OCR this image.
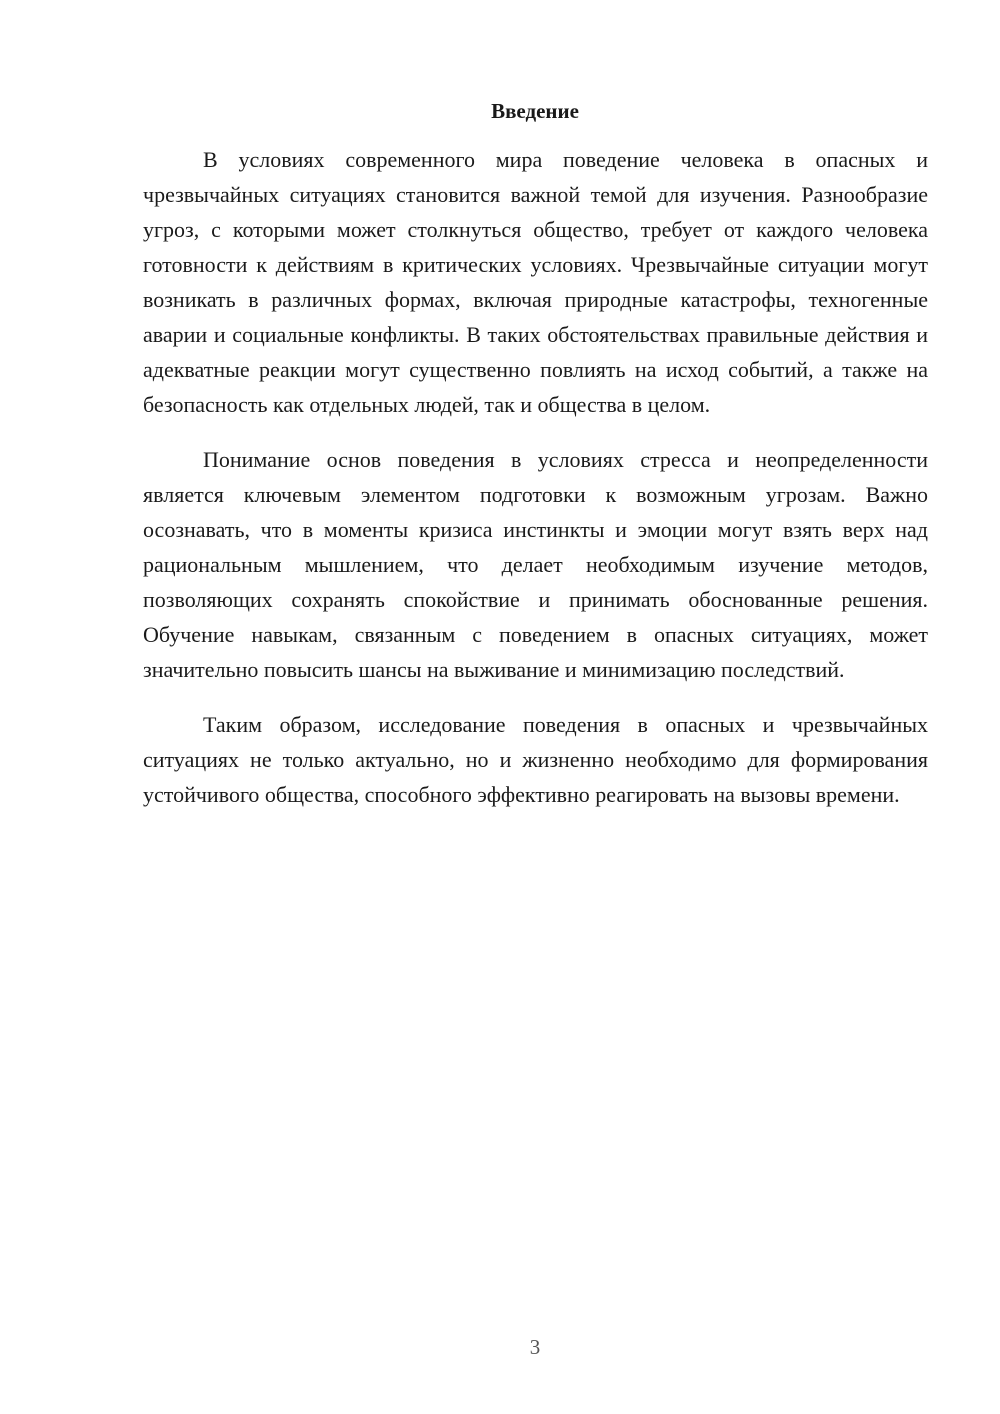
Введение

В условиях современного мира поведение человека в опасных и чрезвычайных ситуациях становится важной темой для изучения. Разнообразие угроз, с которыми может столкнуться общество, требует от каждого человека готовности к действиям в критических условиях. Чрезвычайные ситуации могут возникать в различных формах, включая природные катастрофы, техногенные аварии и социальные конфликты. В таких обстоятельствах правильные действия и адекватные реакции могут существенно повлиять на исход событий, а также на безопасность как отдельных людей, так и общества в целом.

Понимание основ поведения в условиях стресса и неопределенности является ключевым элементом подготовки к возможным угрозам. Важно осознавать, что в моменты кризиса инстинкты и эмоции могут взять верх над рациональным мышлением, что делает необходимым изучение методов, позволяющих сохранять спокойствие и принимать обоснованные решения. Обучение навыкам, связанным с поведением в опасных ситуациях, может значительно повысить шансы на выживание и минимизацию последствий.

Таким образом, исследование поведения в опасных и чрезвычайных ситуациях не только актуально, но и жизненно необходимо для формирования устойчивого общества, способного эффективно реагировать на вызовы времени.

3
